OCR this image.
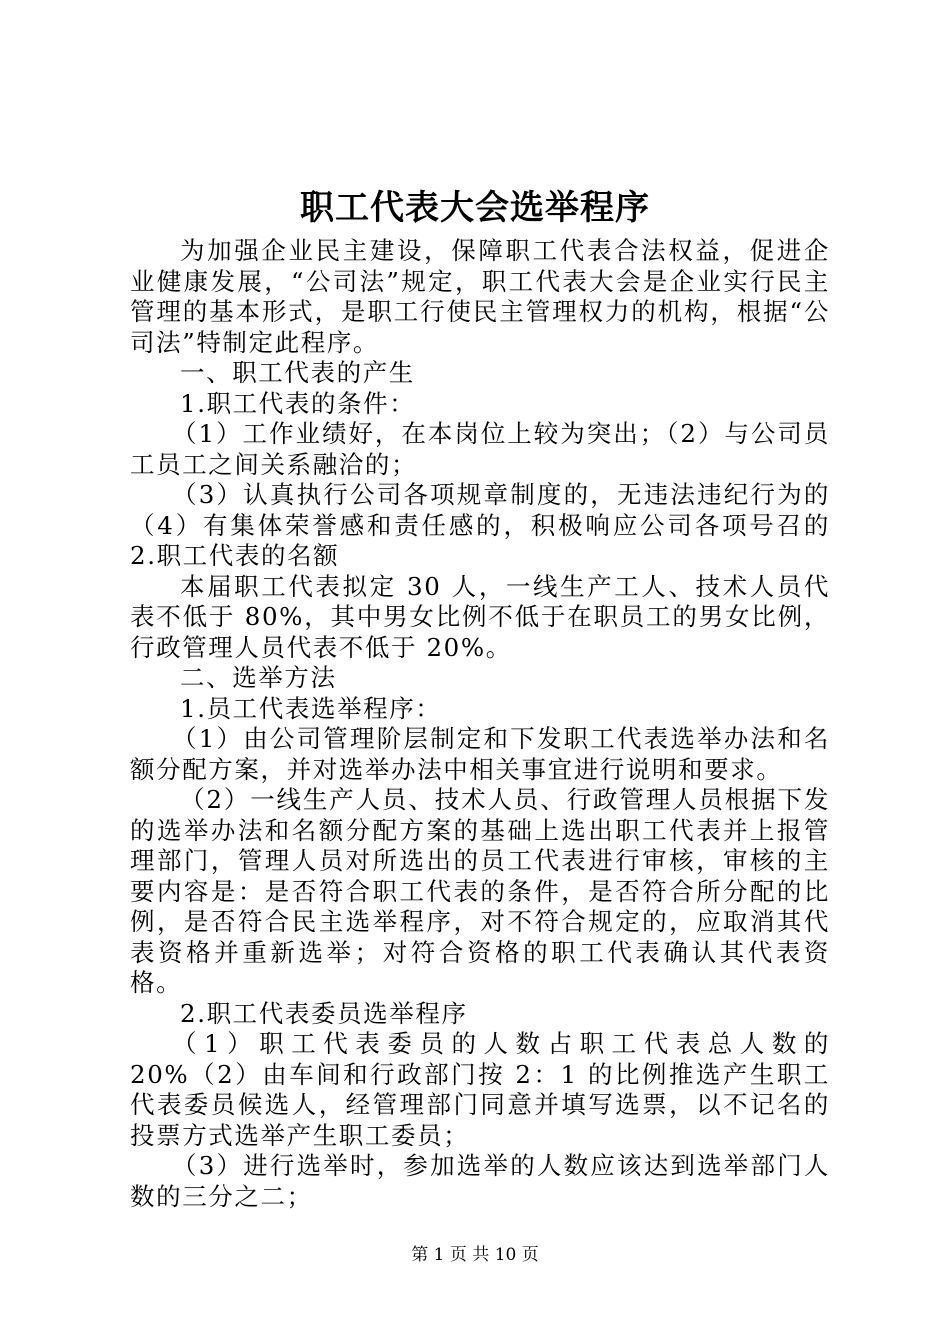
职工代表大会选举程序

为加强企业民主建设，保障职工代表合法权益，促进企业健康发展，“公司法”规定，职工代表大会是企业实行民主管理的基本形式，是职工行使民主管理权力的机构，根据“公司法”特制定此程序。

一、职工代表的产生

1.职工代表的条件：

（1）工作业绩好，在本岗位上较为突出；（2）与公司员工员工之间关系融洽的；

（3）认真执行公司各项规章制度的，无违法违纪行为的（4）有集体荣誉感和责任感的，积极响应公司各项号召的 2.职工代表的名额

本届职工代表拟定 30 人，一线生产工人、技术人员代表不低于 80%，其中男女比例不低于在职员工的男女比例，行政管理人员代表不低于 20%。

二、选举方法

1.员工代表选举程序：

（1）由公司管理阶层制定和下发职工代表选举办法和名额分配方案，并对选举办法中相关事宜进行说明和要求。

（2）一线生产人员、技术人员、行政管理人员根据下发的选举办法和名额分配方案的基础上选出职工代表并上报管理部门，管理人员对所选出的员工代表进行审核，审核的主要内容是：是否符合职工代表的条件，是否符合所分配的比例，是否符合民主选举程序，对不符合规定的，应取消其代表资格并重新选举；对符合资格的职工代表确认其代表资格。

2.职工代表委员选举程序

（1）职工代表委员的人数占职工代表总人数的 20%（2）由车间和行政部门按 2：1 的比例推选产生职工代表委员候选人，经管理部门同意并填写选票，以不记名的投票方式选举产生职工委员；

（3）进行选举时，参加选举的人数应该达到选举部门人数的三分之二；

第 1 页 共 10 页
